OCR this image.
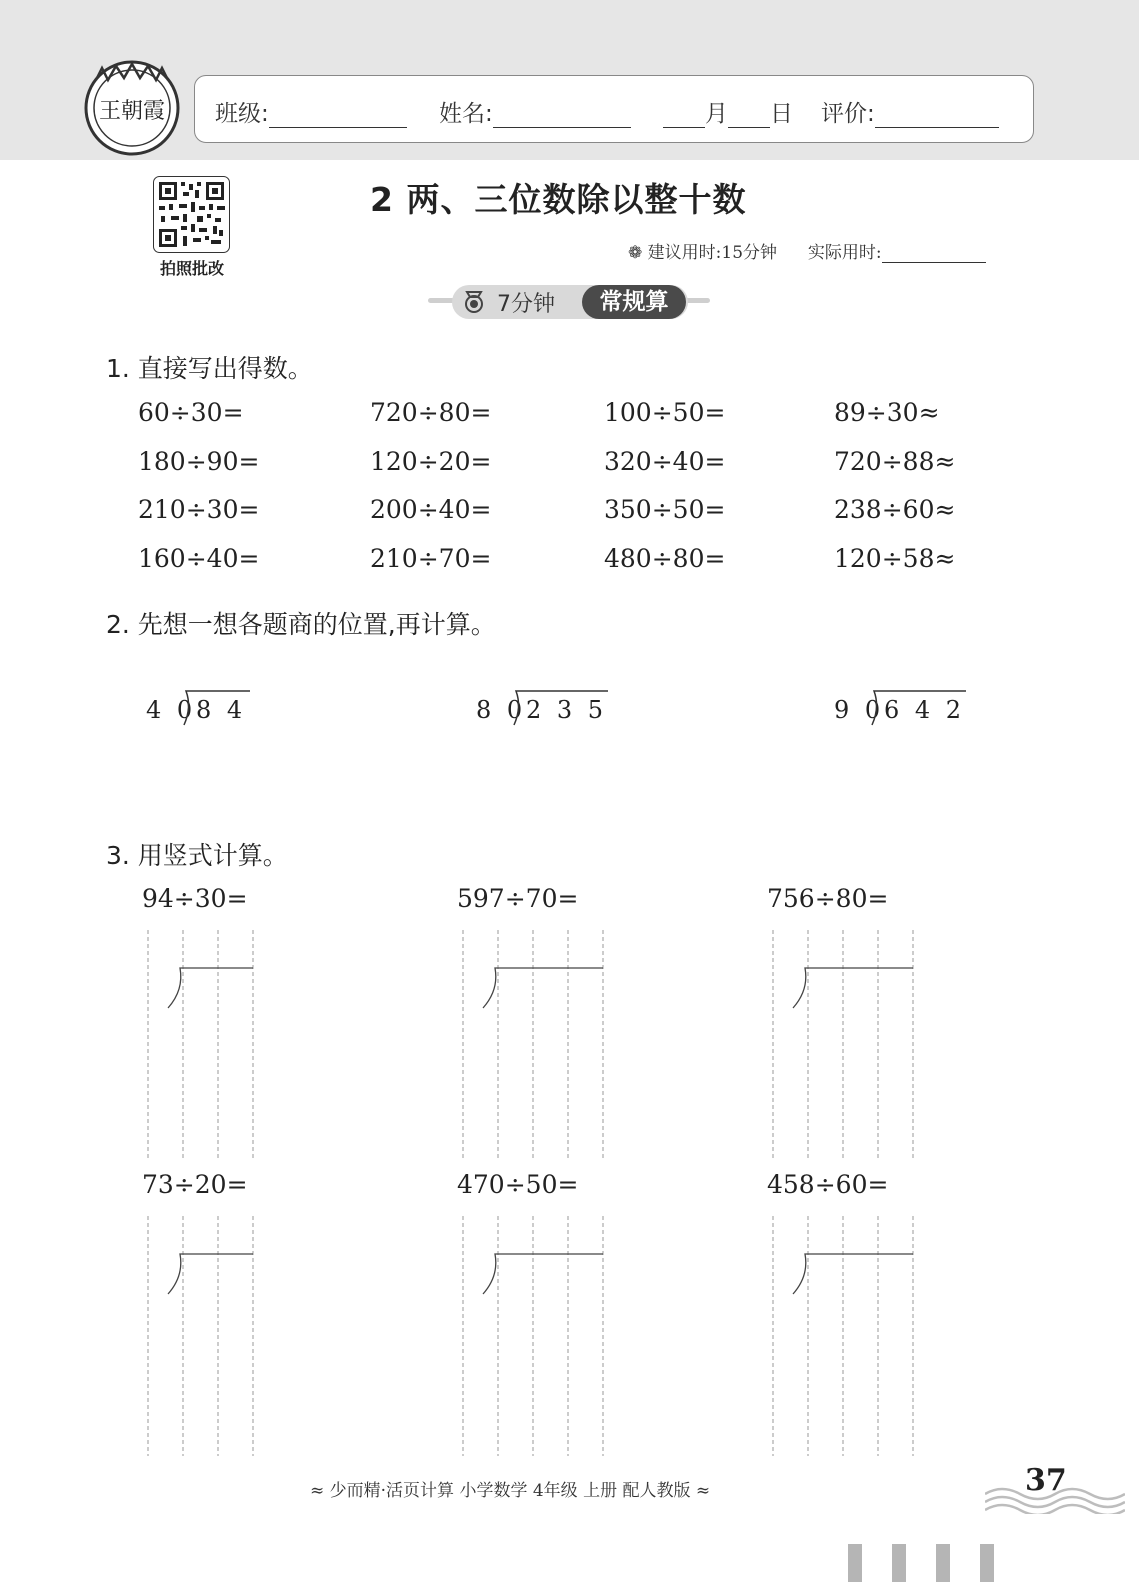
王朝霞 班级:	姓名:	月 日 评价:
拍照批改
2 两、三位数除以整十数
❁ 建议用时:15分钟 实际用时:
7分钟	常规算
1. 直接写出得数。
60÷30=	720÷80=	100÷50=	89÷30≈
180÷90=	120÷20=	320÷40=	720÷88≈
210÷30=	200÷40=	350÷50=	238÷60≈
160÷40=	210÷70=	480÷80=	120÷58≈
2. 先想一想各题商的位置,再计算。
4 0 8 4	8 0 2 3 5	9 0 6 4 2
3. 用竖式计算。
94÷30=	597÷70=	756÷80=
73÷20=	470÷50=	458÷60=
≈ 少而精·活页计算 小学数学 4年级 上册 配人教版 ≈	37
